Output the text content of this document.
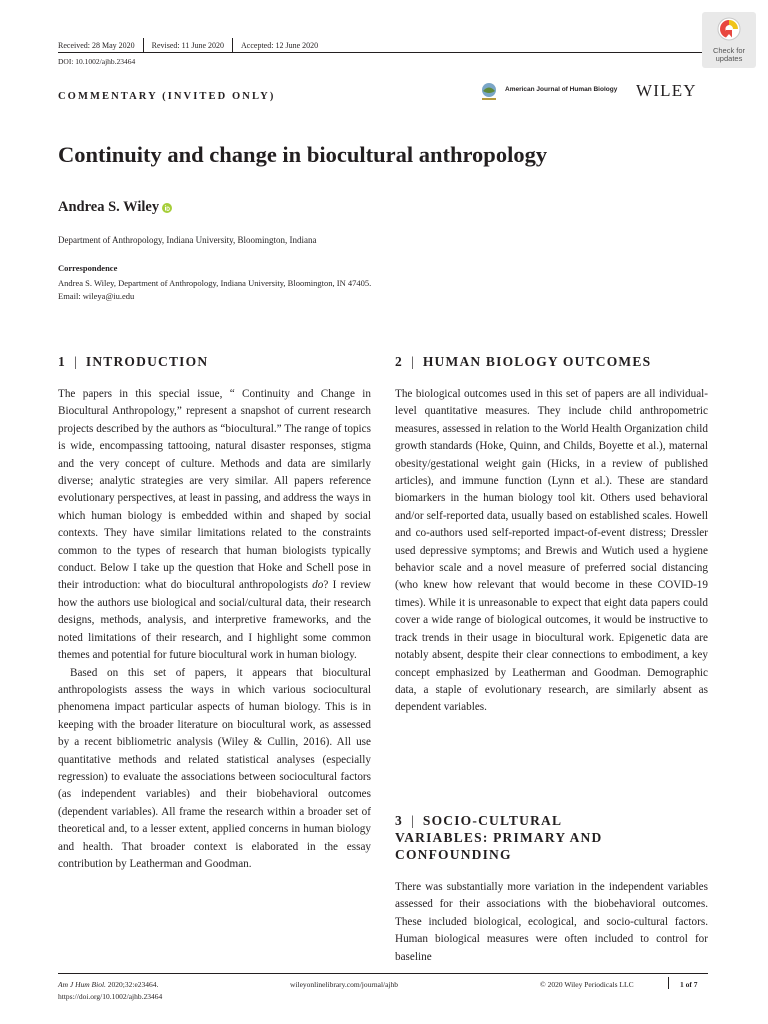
Received: 28 May 2020 Revised: 11 June 2020 Accepted: 12 June 2020
DOI: 10.1002/ajhb.23464
Check for
updates
COMMENTARY (INVITED ONLY)
American Journal of Human Biology WILEY
Continuity and change in biocultural anthropology
Andrea S. Wiley
Department of Anthropology, Indiana University, Bloomington, Indiana
Correspondence
Andrea S. Wiley, Department of Anthropology, Indiana University, Bloomington, IN 47405.
Email: wileya@iu.edu
1 | INTRODUCTION

The papers in this special issue, “ Continuity and Change in Biocultural Anthropology,” represent a snapshot of current research projects described by the authors as “biocultural.” The range of topics is wide, encompassing tattooing, natural disaster responses, stigma and the very concept of culture. Methods and data are similarly diverse; analytic strategies are very similar. All papers reference evolutionary perspectives, at least in passing, and address the ways in which human biology is embedded within and shaped by social contexts. They have similar limitations related to the constraints common to the types of research that human biologists typically conduct. Below I take up the question that Hoke and Schell pose in their introduction: what do biocultural anthropologists do? I review how the authors use biological and social/cultural data, their research designs, methods, analysis, and interpretive frameworks, and the noted limitations of their research, and I highlight some common themes and potential for future biocultural work in human biology.

Based on this set of papers, it appears that biocultural anthropologists assess the ways in which various sociocultural phenomena impact particular aspects of human biology. This is in keeping with the broader literature on biocultural work, as assessed by a recent bibliometric analysis (Wiley & Cullin, 2016). All use quantitative methods and related statistical analyses (especially regression) to evaluate the associations between sociocultural factors (as independent variables) and their biobehavioral outcomes (dependent variables). All frame the research within a broader set of theoretical and, to a lesser extent, applied concerns in human biology and health. That broader context is elaborated in the essay contribution by Leatherman and Goodman.

2 | HUMAN BIOLOGY OUTCOMES

The biological outcomes used in this set of papers are all individual-level quantitative measures. They include child anthropometric measures, assessed in relation to the World Health Organization child growth standards (Hoke, Quinn, and Childs, Boyette et al.), maternal obesity/gestational weight gain (Hicks, in a review of published articles), and immune function (Lynn et al.). These are standard biomarkers in the human biology tool kit. Others used behavioral and/or self-reported data, usually based on established scales. Howell and co-authors used self-reported impact-of-event distress; Dressler used depressive symptoms; and Brewis and Wutich used a hygiene behavior scale and a novel measure of preferred social distancing (who knew how relevant that would become in these COVID-19 times). While it is unreasonable to expect that eight data papers could cover a wide range of biological outcomes, it would be instructive to track trends in their usage in biocultural work. Epigenetic data are notably absent, despite their clear connections to embodiment, a key concept emphasized by Leatherman and Goodman. Demographic data, a staple of evolutionary research, are similarly absent as dependent variables.

3 | SOCIO-CULTURAL
VARIABLES: PRIMARY AND
CONFOUNDING

There was substantially more variation in the independent variables assessed for their associations with the biobehavioral outcomes. These included biological, ecological, and socio-cultural factors. Human biological measures were often included to control for baseline

Am J Hum Biol. 2020;32:e23464.
https://doi.org/10.1002/ajhb.23464
wileyonlinelibrary.com/journal/ajhb	© 2020 Wiley Periodicals LLC	1 of 7
